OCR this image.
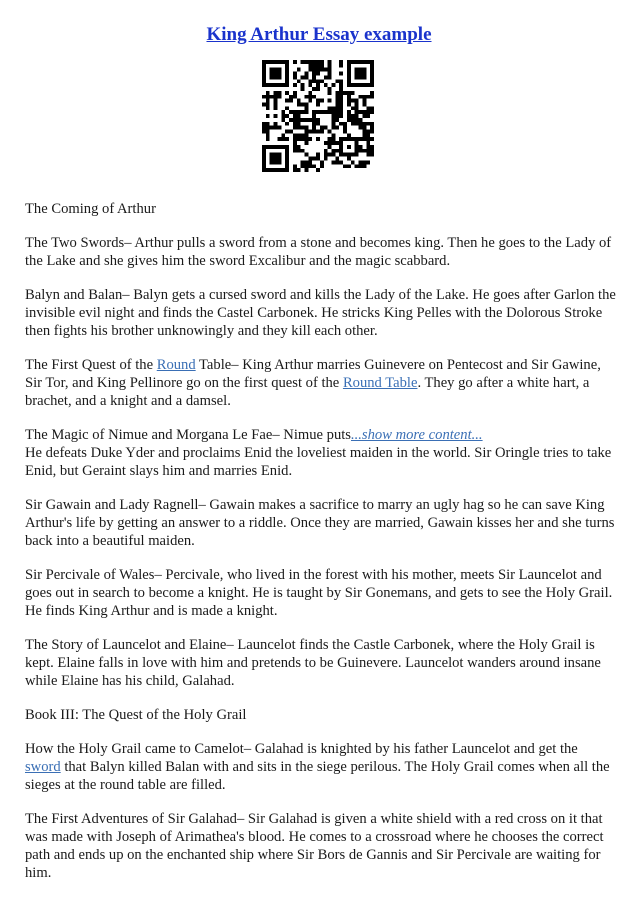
King Arthur Essay example

The Coming of Arthur

The Two Swords– Arthur pulls a sword from a stone and becomes king. Then he goes to the Lady of the Lake and she gives him the sword Excalibur and the magic scabbard.

Balyn and Balan– Balyn gets a cursed sword and kills the Lady of the Lake. He goes after Garlon the invisible evil night and finds the Castel Carbonek. He stricks King Pelles with the Dolorous Stroke then fights his brother unknowingly and they kill each other.

The First Quest of the Round Table– King Arthur marries Guinevere on Pentecost and Sir Gawine, Sir Tor, and King Pellinore go on the first quest of the Round Table. They go after a white hart, a brachet, and a knight and a damsel.

The Magic of Nimue and Morgana Le Fae– Nimue puts...show more content...
He defeats Duke Yder and proclaims Enid the loveliest maiden in the world. Sir Oringle tries to take Enid, but Geraint slays him and marries Enid.

Sir Gawain and Lady Ragnell– Gawain makes a sacrifice to marry an ugly hag so he can save King Arthur's life by getting an answer to a riddle. Once they are married, Gawain kisses her and she turns back into a beautiful maiden.

Sir Percivale of Wales– Percivale, who lived in the forest with his mother, meets Sir Launcelot and goes out in search to become a knight. He is taught by Sir Gonemans, and gets to see the Holy Grail. He finds King Arthur and is made a knight.

The Story of Launcelot and Elaine– Launcelot finds the Castle Carbonek, where the Holy Grail is kept. Elaine falls in love with him and pretends to be Guinevere. Launcelot wanders around insane while Elaine has his child, Galahad.

Book III: The Quest of the Holy Grail

How the Holy Grail came to Camelot– Galahad is knighted by his father Launcelot and get the sword that Balyn killed Balan with and sits in the siege perilous. The Holy Grail comes when all the sieges at the round table are filled.

The First Adventures of Sir Galahad– Sir Galahad is given a white shield with a red cross on it that was made with Joseph of Arimathea's blood. He comes to a crossroad where he chooses the correct path and ends up on the enchanted ship where Sir Bors de Gannis and Sir Percivale are waiting for him.
